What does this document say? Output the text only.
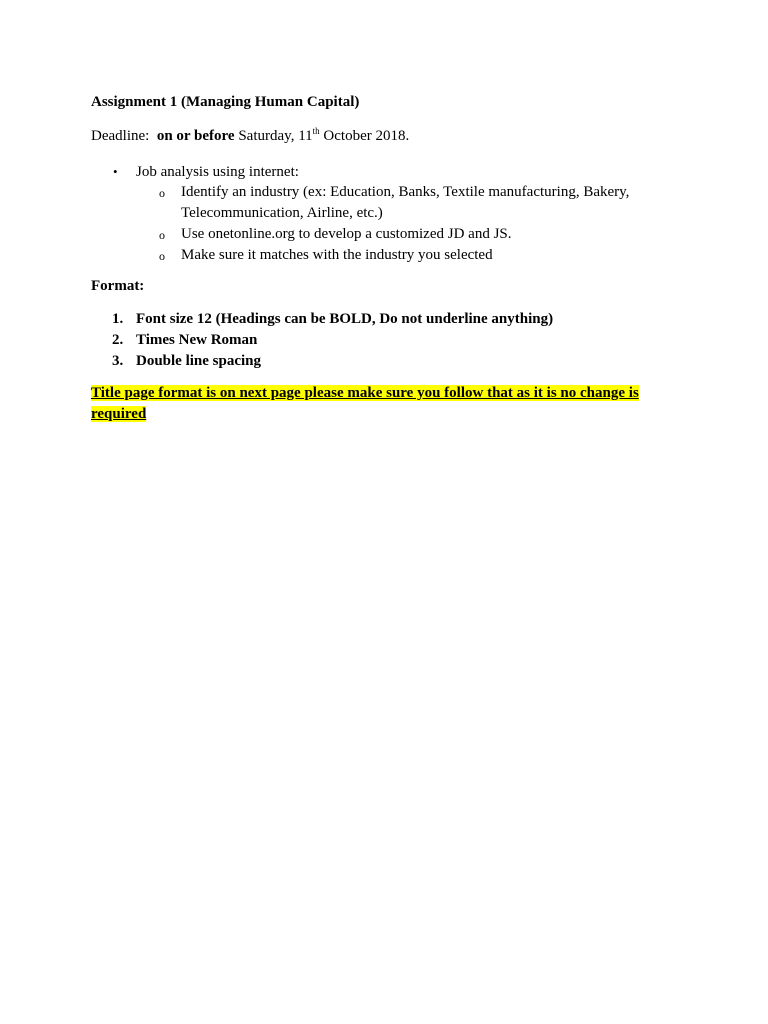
Assignment 1 (Managing Human Capital)

Deadline: on or before Saturday, 11th October 2018.

• Job analysis using internet:
o Identify an industry (ex: Education, Banks, Textile manufacturing, Bakery, Telecommunication, Airline, etc.)
o Use onetonline.org to develop a customized JD and JS.
o Make sure it matches with the industry you selected

Format:

1. Font size 12 (Headings can be BOLD, Do not underline anything)
2. Times New Roman
3. Double line spacing

Title page format is on next page please make sure you follow that as it is no change is required
